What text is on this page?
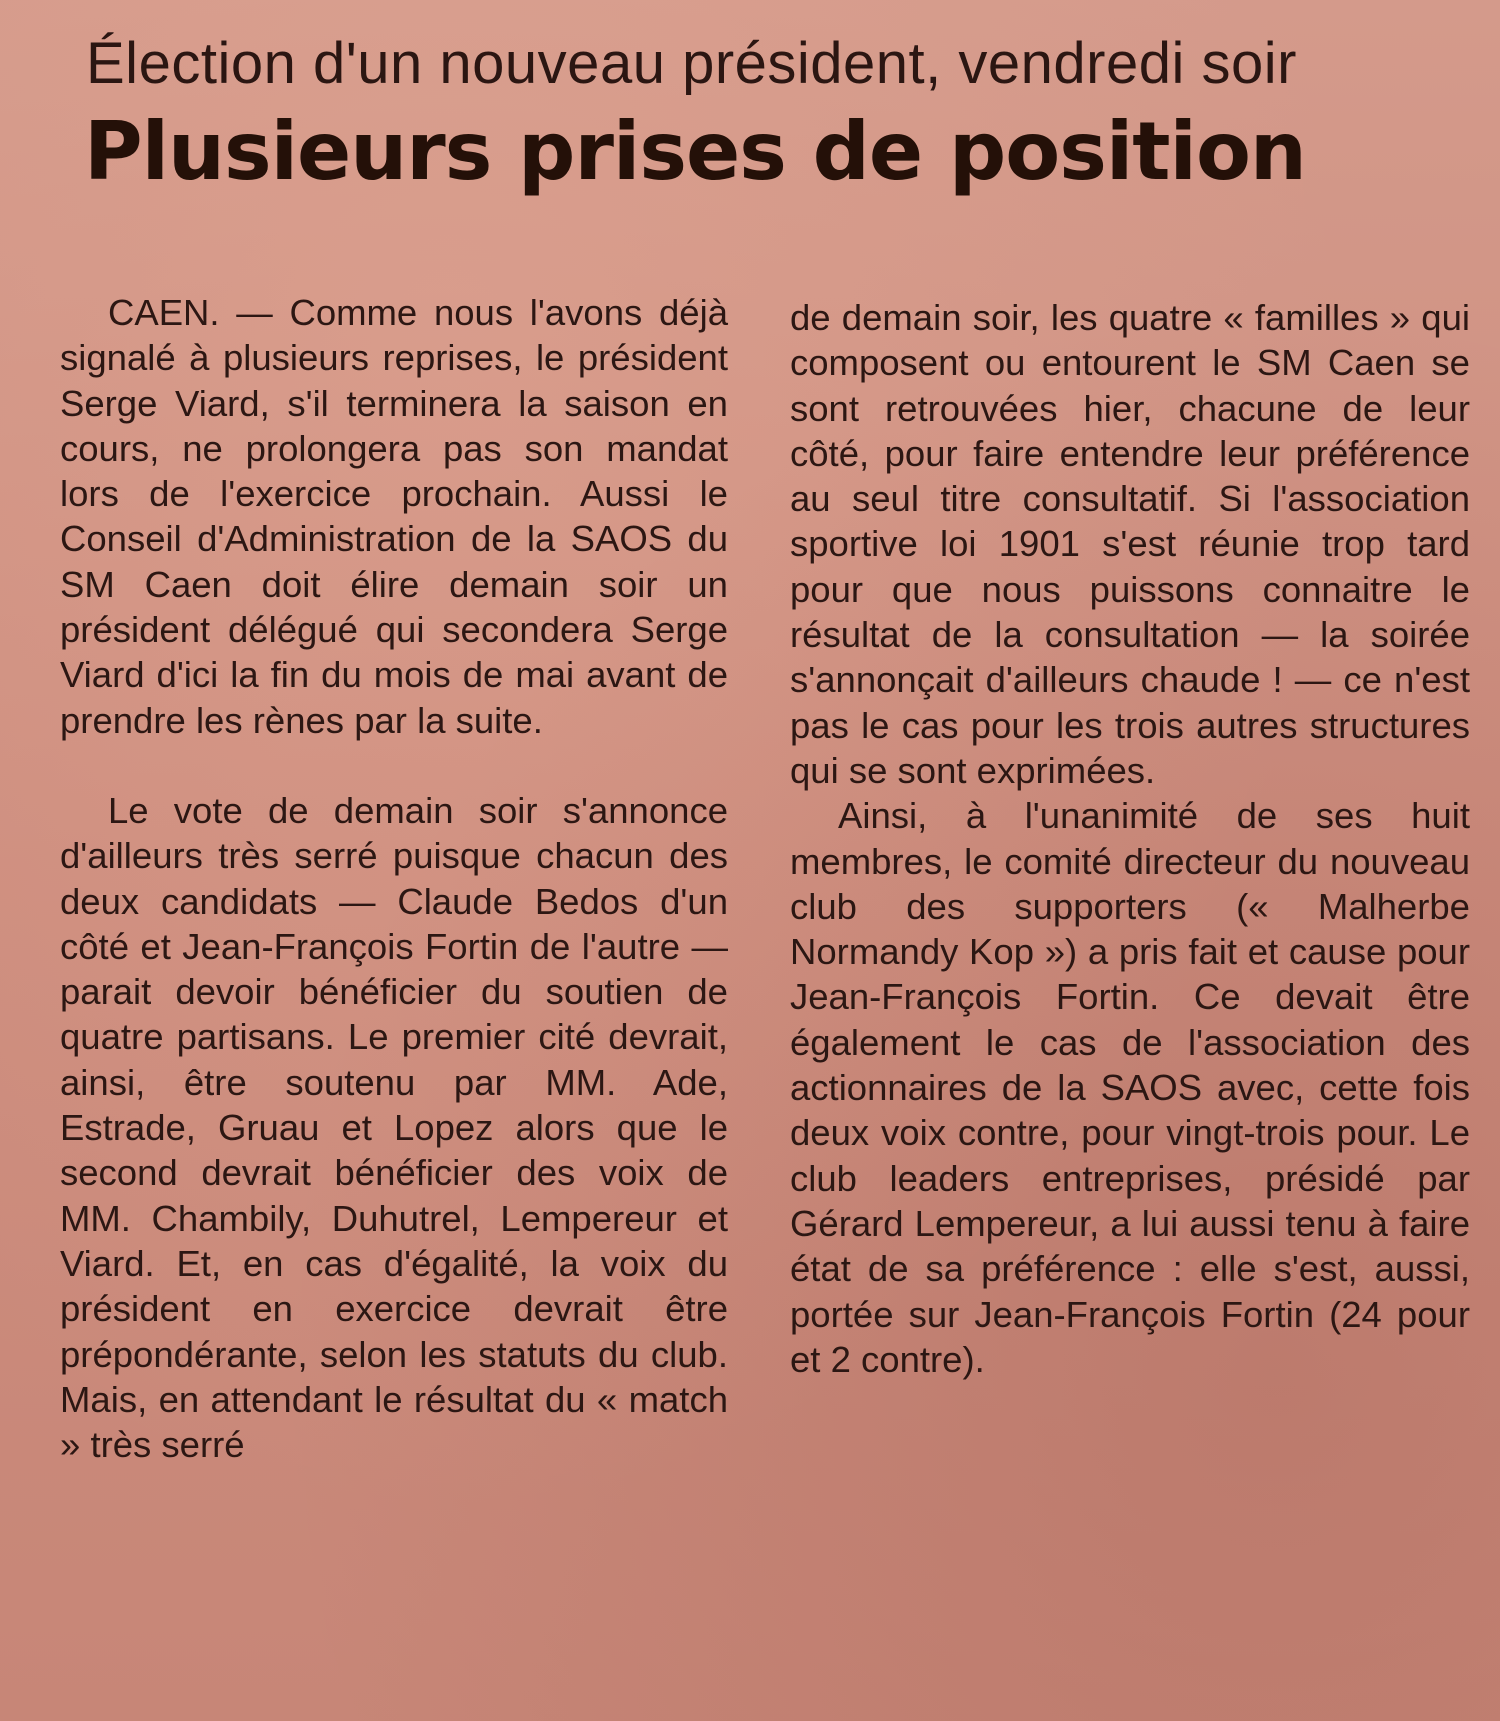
Élection d'un nouveau président, vendredi soir
Plusieurs prises de position

CAEN. — Comme nous l'avons déjà signalé à plusieurs reprises, le président Serge Viard, s'il terminera la saison en cours, ne prolongera pas son mandat lors de l'exercice prochain. Aussi le Conseil d'Administration de la SAOS du SM Caen doit élire demain soir un président délégué qui secondera Serge Viard d'ici la fin du mois de mai avant de prendre les rènes par la suite.

Le vote de demain soir s'annonce d'ailleurs très serré puisque chacun des deux candidats — Claude Bedos d'un côté et Jean-François Fortin de l'autre — parait devoir bénéficier du soutien de quatre partisans. Le premier cité devrait, ainsi, être soutenu par MM. Ade, Estrade, Gruau et Lopez alors que le second devrait bénéficier des voix de MM. Chambily, Duhutrel, Lempereur et Viard. Et, en cas d'égalité, la voix du président en exercice devrait être prépondérante, selon les statuts du club. Mais, en attendant le résultat du « match » très serré

de demain soir, les quatre « familles » qui composent ou entourent le SM Caen se sont retrouvées hier, chacune de leur côté, pour faire entendre leur préférence au seul titre consultatif. Si l'association sportive loi 1901 s'est réunie trop tard pour que nous puissons connaitre le résultat de la consultation — la soirée s'annonçait d'ailleurs chaude ! — ce n'est pas le cas pour les trois autres structures qui se sont exprimées.

Ainsi, à l'unanimité de ses huit membres, le comité directeur du nouveau club des supporters (« Malherbe Normandy Kop ») a pris fait et cause pour Jean-François Fortin. Ce devait être également le cas de l'association des actionnaires de la SAOS avec, cette fois deux voix contre, pour vingt-trois pour. Le club leaders entreprises, présidé par Gérard Lempereur, a lui aussi tenu à faire état de sa préférence : elle s'est, aussi, portée sur Jean-François Fortin (24 pour et 2 contre).
